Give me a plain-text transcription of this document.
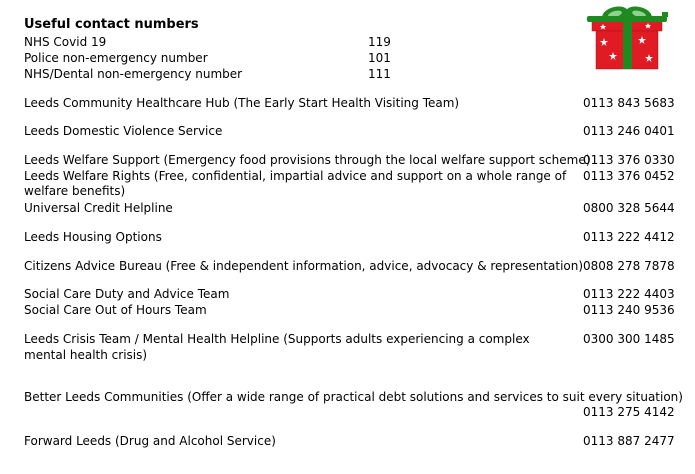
Useful contact numbers
NHS Covid 19	119
Police non-emergency number	101
NHS/Dental non-emergency number	111
Leeds Community Healthcare Hub (The Early Start Health Visiting Team)	0113 843 5683
Leeds Domestic Violence Service	0113 246 0401
Leeds Welfare Support (Emergency food provisions through the local welfare support scheme)
0113 376 0330
Leeds Welfare Rights (Free, confidential, impartial advice and support on a whole range of
welfare benefits)
0113 376 0452
Universal Credit Helpline	0800 328 5644
Leeds Housing Options	0113 222 4412
Citizens Advice Bureau (Free & independent information, advice, advocacy & representation) 0808 278 7878
Social Care Duty and Advice Team	0113 222 4403
Social Care Out of Hours Team	0113 240 9536
Leeds Crisis Team / Mental Health Helpline (Supports adults experiencing a complex
mental health crisis)
0300 300 1485
Better Leeds Communities (Offer a wide range of practical debt solutions and services to suit every situation)
0113 275 4142
Forward Leeds (Drug and Alcohol Service)	0113 887 2477
